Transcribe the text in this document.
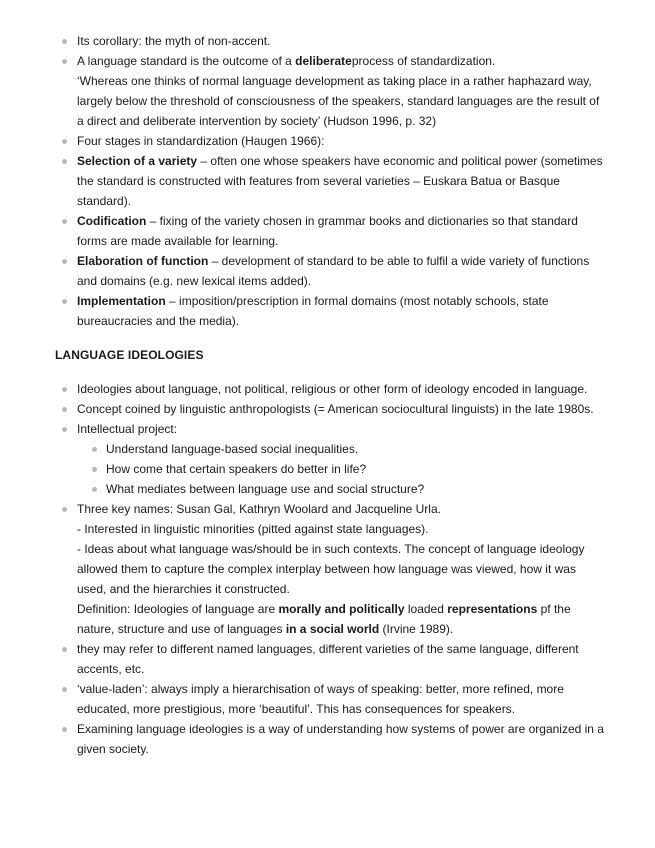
Its corollary: the myth of non-accent.
A language standard is the outcome of a deliberateprocess of standardization.
‘Whereas one thinks of normal language development as taking place in a rather haphazard way, largely below the threshold of consciousness of the speakers, standard languages are the result of a direct and deliberate intervention by society’ (Hudson 1996, p. 32)
Four stages in standardization (Haugen 1966):
Selection of a variety – often one whose speakers have economic and political power (sometimes the standard is constructed with features from several varieties – Euskara Batua or Basque standard).
Codification – fixing of the variety chosen in grammar books and dictionaries so that standard forms are made available for learning.
Elaboration of function – development of standard to be able to fulfil a wide variety of functions and domains (e.g. new lexical items added).
Implementation – imposition/prescription in formal domains (most notably schools, state bureaucracies and the media).
LANGUAGE IDEOLOGIES
Ideologies about language, not political, religious or other form of ideology encoded in language.
Concept coined by linguistic anthropologists (= American sociocultural linguists) in the late 1980s.
Intellectual project:
Understand language-based social inequalities.
How come that certain speakers do better in life?
What mediates between language use and social structure?
Three key names: Susan Gal, Kathryn Woolard and Jacqueline Urla.
- Interested in linguistic minorities (pitted against state languages).
- Ideas about what language was/should be in such contexts. The concept of language ideology allowed them to capture the complex interplay between how language was viewed, how it was used, and the hierarchies it constructed.
Definition: Ideologies of language are morally and politically loaded representations pf the nature, structure and use of languages in a social world (Irvine 1989).
they may refer to different named languages, different varieties of the same language, different accents, etc.
‘value-laden’: always imply a hierarchisation of ways of speaking: better, more refined, more educated, more prestigious, more ‘beautiful’. This has consequences for speakers.
Examining language ideologies is a way of understanding how systems of power are organized in a given society.
